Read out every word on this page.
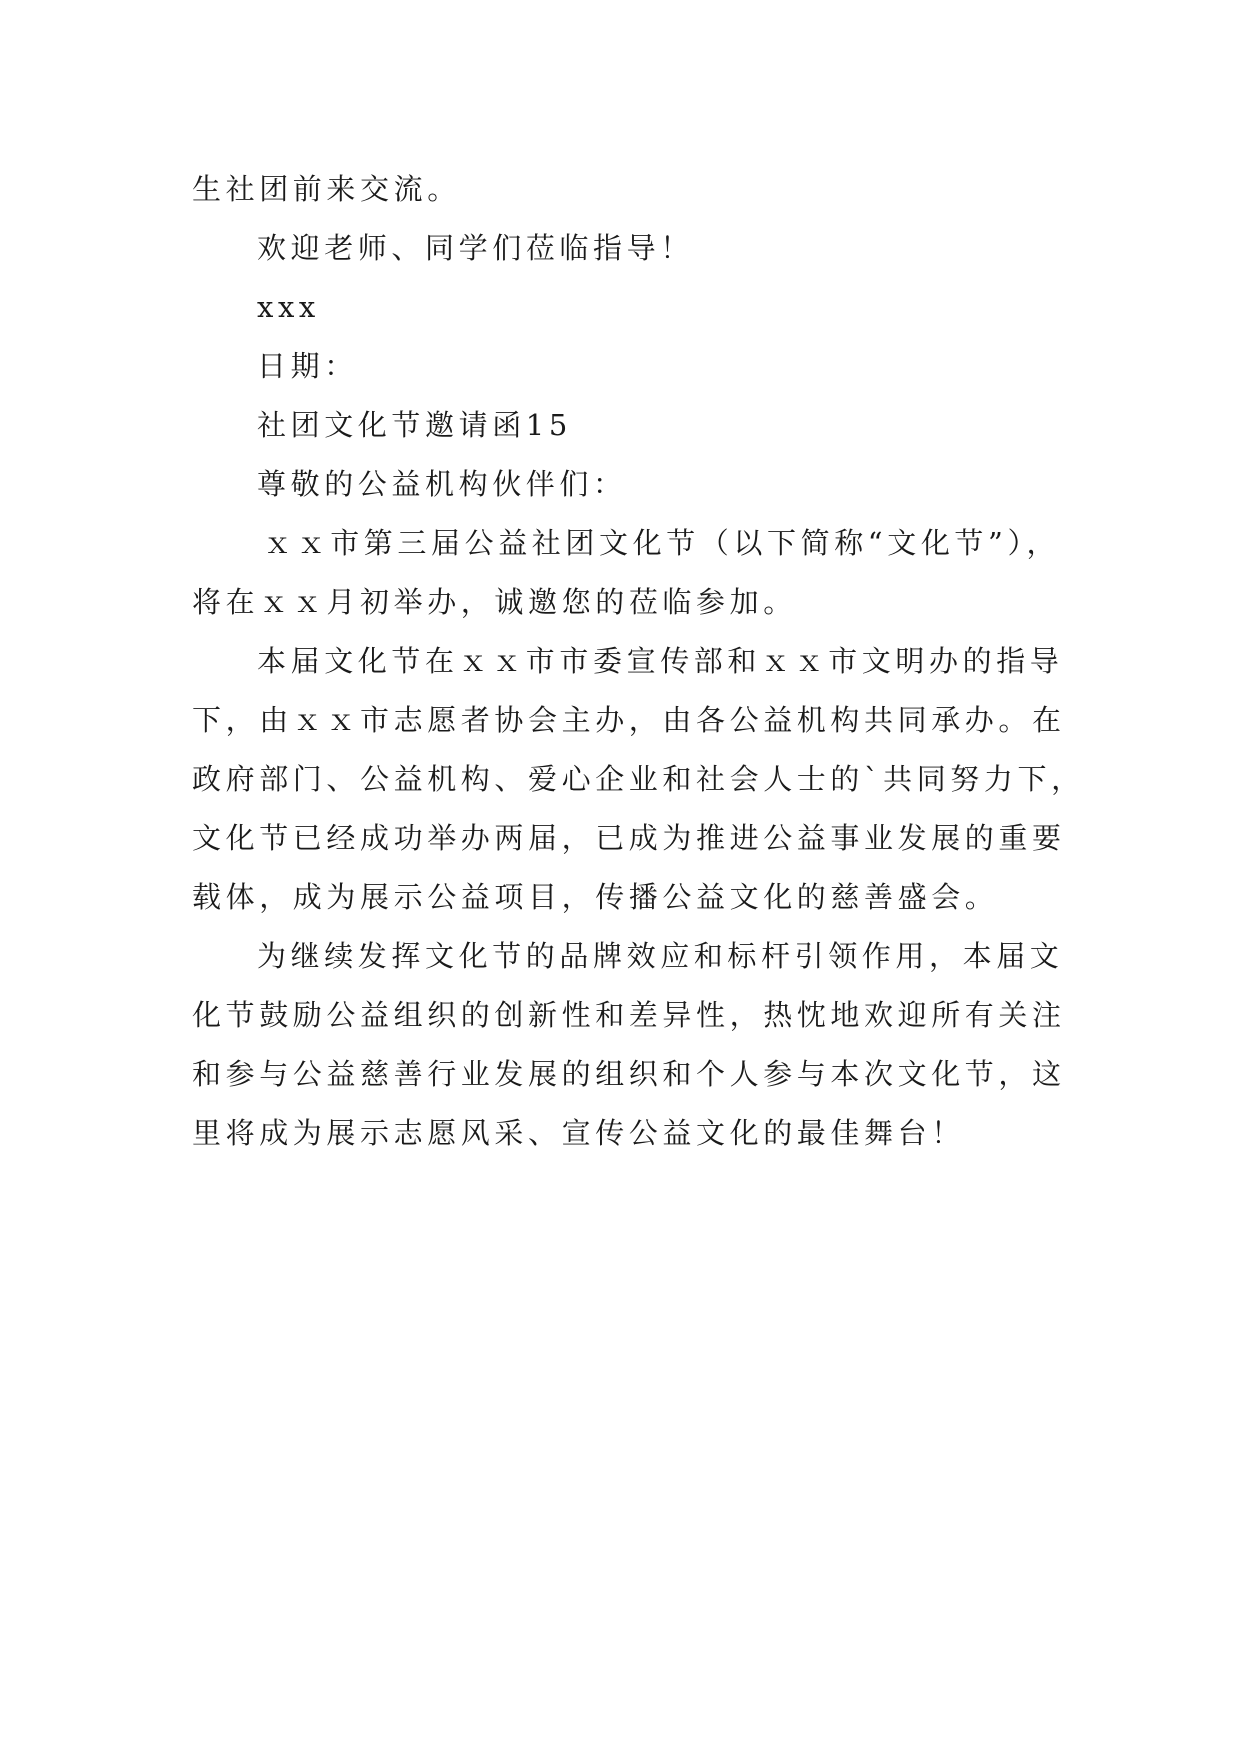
生社团前来交流。
欢迎老师、同学们莅临指导！
xxx
日期：
社团文化节邀请函15
尊敬的公益机构伙伴们：
ｘｘ市第三届公益社团文化节（以下简称“文化节”），
将在ｘｘ月初举办，诚邀您的莅临参加。
本届文化节在ｘｘ市市委宣传部和ｘｘ市文明办的指导
下，由ｘｘ市志愿者协会主办，由各公益机构共同承办。在
政府部门、公益机构、爱心企业和社会人士的`共同努力下，
文化节已经成功举办两届，已成为推进公益事业发展的重要
载体，成为展示公益项目，传播公益文化的慈善盛会。
为继续发挥文化节的品牌效应和标杆引领作用，本届文
化节鼓励公益组织的创新性和差异性，热忱地欢迎所有关注
和参与公益慈善行业发展的组织和个人参与本次文化节，这
里将成为展示志愿风采、宣传公益文化的最佳舞台！
